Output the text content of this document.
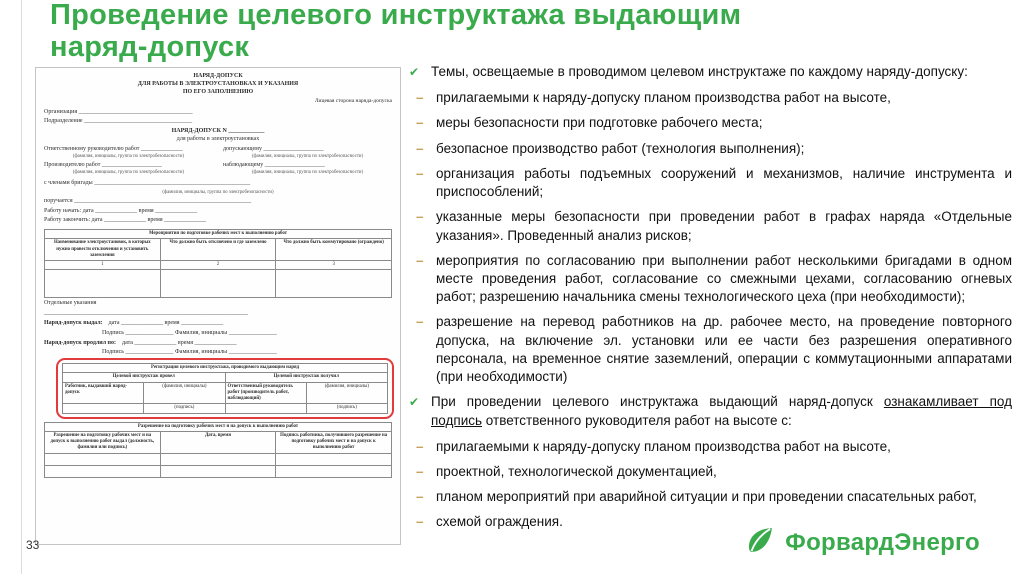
Проведение целевого инструктажа выдающим
наряд-допуск
НАРЯД-ДОПУСК
ДЛЯ РАБОТЫ В ЭЛЕКТРОУСТАНОВКАХ И УКАЗАНИЯ
ПО ЕГО ЗАПОЛНЕНИЮ
Лицевая сторона наряда-допуска
Организация ______________________________________
Подразделение ____________________________________
НАРЯД-ДОПУСК N ____________
для работы в электроустановках
Ответственному руководителю работ ______________
(фамилия, инициалы, группа по электробезопасности)
Производителю работ ____________________
(фамилия, инициалы, группа по электробезопасности)
допускающему ____________________
(фамилия, инициалы, группа по электробезопасности)
наблюдающему ____________________
(фамилия, инициалы, группа по электробезопасности)
с членами бригады ____________________________________________________
(фамилия, инициалы, группа по электробезопасности)
поручается ___________________________________________________________
Работу начать: дата ______________ время ______________
Работу закончить: дата ______________ время ______________
Мероприятия по подготовке рабочих мест к выполнению работ		
Наименование электроустановок, в которых нужно провести отключения и установить заземления	Что должно быть отключено и где заземлено	Что должно быть коммутировано (ограждено)
1	2	3

Отдельные указания
____________________________________________________________________
Наряд-допуск выдал: дата ______________ время ______________
Подпись ________________ Фамилия, инициалы ________________
Наряд-допуск продлил по: дата ______________ время ______________
Подпись ________________ Фамилия, инициалы ________________
Регистрация целевого инструктажа, проводимого выдающим наряд			
Целевой инструктаж провел		Целевой инструктаж получил	
Работник, выдавший наряд-допуск	(фамилия, инициалы)	Ответственный руководитель работ (производитель работ, наблюдающий)	(фамилия, инициалы)
	(подпись)		(подпись)
Разрешение на подготовку рабочих мест и на допуск к выполнению работ		
Разрешение на подготовку рабочих мест и на допуск к выполнению работ выдал (должность, фамилия или подпись)	Дата, время	Подпись работника, получившего разрешение на подготовку рабочих мест и на допуск к выполнению работ

✔ Темы, освещаемые в проводимом целевом инструктаже по каждому наряду-допуску:
– прилагаемыми к наряду-допуску планом производства работ на высоте,
– меры безопасности при подготовке рабочего места;
– безопасное производство работ (технология выполнения);
– организация работы подъемных сооружений и механизмов, наличие инструмента и приспособлений;
– указанные меры безопасности при проведении работ в графах наряда «Отдельные указания». Проведенный анализ рисков;
– мероприятия по согласованию при выполнении работ несколькими бригадами в одном месте проведения работ, согласование со смежными цехами, согласованию огневых работ; разрешению начальника смены технологического цеха (при необходимости);
– разрешение на перевод работников на др. рабочее место, на проведение повторного допуска, на включение эл. установки или ее части без разрешения оперативного персонала, на временное снятие заземлений, операции с коммутационными аппаратами (при необходимости)
✔ При проведении целевого инструктажа выдающий наряд-допуск ознакамливает под подпись ответственного руководителя работ на высоте с:
– прилагаемыми к наряду-допуску планом производства работ на высоте,
– проектной, технологической документацией,
– планом мероприятий при аварийной ситуации и при проведении спасательных работ,
– схемой ограждения.
33	ФорвардЭнерго
